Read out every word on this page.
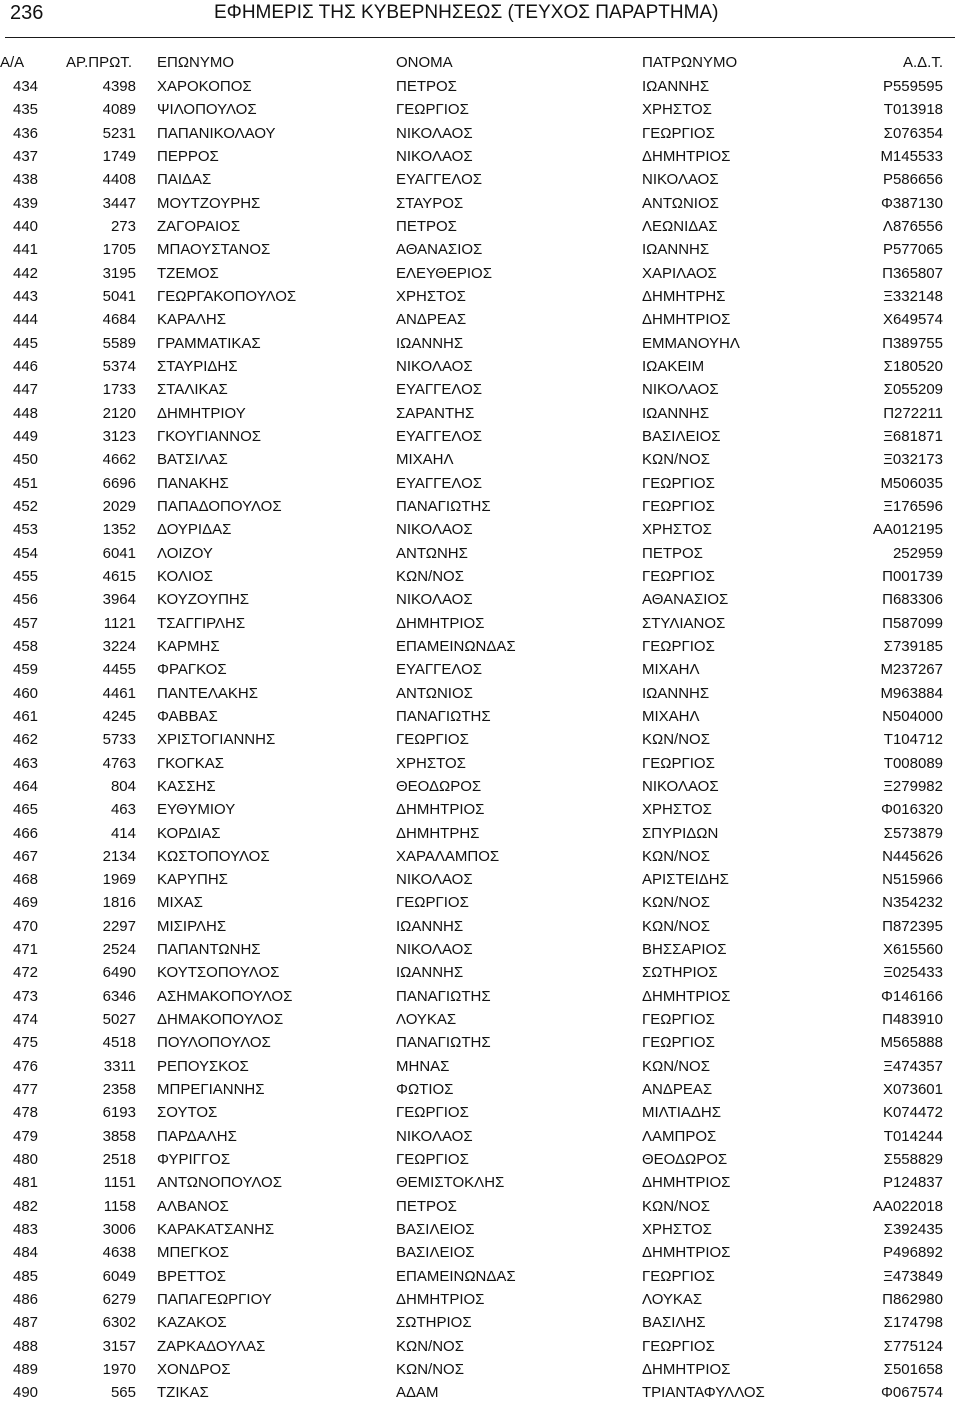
236	ΕΦΗΜΕΡΙΣ ΤΗΣ ΚΥΒΕΡΝΗΣΕΩΣ (ΤΕΥΧΟΣ ΠΑΡΑΡΤΗΜΑ)
Α/Α	ΑΡ.ΠΡΩΤ. ΕΠΩΝΥΜΟ	ΟΝΟΜΑ	ΠΑΤΡΩΝΥΜΟ	Α.Δ.Τ.
434	4398 ΧΑΡΟΚΟΠΟΣ	ΠΕΤΡΟΣ	ΙΩΑΝΝΗΣ	Ρ559595
435	4089 ΨΙΛΟΠΟΥΛΟΣ	ΓΕΩΡΓΙΟΣ	ΧΡΗΣΤΟΣ	Τ013918
436	5231 ΠΑΠΑΝΙΚΟΛΑΟΥ	ΝΙΚΟΛΑΟΣ	ΓΕΩΡΓΙΟΣ	Σ076354
437	1749 ΠΕΡΡΟΣ	ΝΙΚΟΛΑΟΣ	ΔΗΜΗΤΡΙΟΣ	Μ145533
438	4408 ΠΑΙΔΑΣ	ΕΥΑΓΓΕΛΟΣ	ΝΙΚΟΛΑΟΣ	Ρ586656
439	3447 ΜΟΥΤΖΟΥΡΗΣ	ΣΤΑΥΡΟΣ	ΑΝΤΩΝΙΟΣ	Φ387130
440	273 ΖΑΓΟΡΑΙΟΣ	ΠΕΤΡΟΣ	ΛΕΩΝΙΔΑΣ	Λ876556
441	1705 ΜΠΑΟΥΣΤΑΝΟΣ	ΑΘΑΝΑΣΙΟΣ	ΙΩΑΝΝΗΣ	Ρ577065
442	3195 ΤΖΕΜΟΣ	ΕΛΕΥΘΕΡΙΟΣ	ΧΑΡΙΛΑΟΣ	Π365807
443	5041 ΓΕΩΡΓΑΚΟΠΟΥΛΟΣ	ΧΡΗΣΤΟΣ	ΔΗΜΗΤΡΗΣ	Ξ332148
444	4684 ΚΑΡΑΛΗΣ	ΑΝΔΡΕΑΣ	ΔΗΜΗΤΡΙΟΣ	Χ649574
445	5589 ΓΡΑΜΜΑΤΙΚΑΣ	ΙΩΑΝΝΗΣ	ΕΜΜΑΝΟΥΗΛ	Π389755
446	5374 ΣΤΑΥΡΙΔΗΣ	ΝΙΚΟΛΑΟΣ	ΙΩΑΚΕΙΜ	Σ180520
447	1733 ΣΤΑΛΙΚΑΣ	ΕΥΑΓΓΕΛΟΣ	ΝΙΚΟΛΑΟΣ	Σ055209
448	2120 ΔΗΜΗΤΡΙΟΥ	ΣΑΡΑΝΤΗΣ	ΙΩΑΝΝΗΣ	Π272211
449	3123 ΓΚΟΥΓΙΑΝΝΟΣ	ΕΥΑΓΓΕΛΟΣ	ΒΑΣΙΛΕΙΟΣ	Ξ681871
450	4662 ΒΑΤΣΙΛΑΣ	ΜΙΧΑΗΛ	ΚΩΝ/ΝΟΣ	Ξ032173
451	6696 ΠΑΝΑΚΗΣ	ΕΥΑΓΓΕΛΟΣ	ΓΕΩΡΓΙΟΣ	Μ506035
452	2029 ΠΑΠΑΔΟΠΟΥΛΟΣ	ΠΑΝΑΓΙΩΤΗΣ	ΓΕΩΡΓΙΟΣ	Ξ176596
453	1352 ΔΟΥΡΙΔΑΣ	ΝΙΚΟΛΑΟΣ	ΧΡΗΣΤΟΣ	ΑΑ012195
454	6041 ΛΟΙΖΟΥ	ΑΝΤΩΝΗΣ	ΠΕΤΡΟΣ	252959
455	4615 ΚΟΛΙΟΣ	ΚΩΝ/ΝΟΣ	ΓΕΩΡΓΙΟΣ	Π001739
456	3964 ΚΟΥΖΟΥΠΗΣ	ΝΙΚΟΛΑΟΣ	ΑΘΑΝΑΣΙΟΣ	Π683306
457	1121 ΤΣΑΓΓΙΡΛΗΣ	ΔΗΜΗΤΡΙΟΣ	ΣΤΥΛΙΑΝΟΣ	Π587099
458	3224 ΚΑΡΜΗΣ	ΕΠΑΜΕΙΝΩΝΔΑΣ	ΓΕΩΡΓΙΟΣ	Σ739185
459	4455 ΦΡΑΓΚΟΣ	ΕΥΑΓΓΕΛΟΣ	ΜΙΧΑΗΛ	Μ237267
460	4461 ΠΑΝΤΕΛΑΚΗΣ	ΑΝΤΩΝΙΟΣ	ΙΩΑΝΝΗΣ	Μ963884
461	4245 ΦΑΒΒΑΣ	ΠΑΝΑΓΙΩΤΗΣ	ΜΙΧΑΗΛ	Ν504000
462	5733 ΧΡΙΣΤΟΓΙΑΝΝΗΣ	ΓΕΩΡΓΙΟΣ	ΚΩΝ/ΝΟΣ	Τ104712
463	4763 ΓΚΟΓΚΑΣ	ΧΡΗΣΤΟΣ	ΓΕΩΡΓΙΟΣ	Τ008089
464	804 ΚΑΣΣΗΣ	ΘΕΟΔΩΡΟΣ	ΝΙΚΟΛΑΟΣ	Ξ279982
465	463 ΕΥΘΥΜΙΟΥ	ΔΗΜΗΤΡΙΟΣ	ΧΡΗΣΤΟΣ	Φ016320
466	414 ΚΟΡΔΙΑΣ	ΔΗΜΗΤΡΗΣ	ΣΠΥΡΙΔΩΝ	Σ573879
467	2134 ΚΩΣΤΟΠΟΥΛΟΣ	ΧΑΡΑΛΑΜΠΟΣ	ΚΩΝ/ΝΟΣ	Ν445626
468	1969 ΚΑΡΥΠΗΣ	ΝΙΚΟΛΑΟΣ	ΑΡΙΣΤΕΙΔΗΣ	Ν515966
469	1816 ΜΙΧΑΣ	ΓΕΩΡΓΙΟΣ	ΚΩΝ/ΝΟΣ	Ν354232
470	2297 ΜΙΣΙΡΛΗΣ	ΙΩΑΝΝΗΣ	ΚΩΝ/ΝΟΣ	Π872395
471	2524 ΠΑΠΑΝΤΩΝΗΣ	ΝΙΚΟΛΑΟΣ	ΒΗΣΣΑΡΙΟΣ	Χ615560
472	6490 ΚΟΥΤΣΟΠΟΥΛΟΣ	ΙΩΑΝΝΗΣ	ΣΩΤΗΡΙΟΣ	Ξ025433
473	6346 ΑΣΗΜΑΚΟΠΟΥΛΟΣ	ΠΑΝΑΓΙΩΤΗΣ	ΔΗΜΗΤΡΙΟΣ	Φ146166
474	5027 ΔΗΜΑΚΟΠΟΥΛΟΣ	ΛΟΥΚΑΣ	ΓΕΩΡΓΙΟΣ	Π483910
475	4518 ΠΟΥΛΟΠΟΥΛΟΣ	ΠΑΝΑΓΙΩΤΗΣ	ΓΕΩΡΓΙΟΣ	Μ565888
476	3311 ΡΕΠΟΥΣΚΟΣ	ΜΗΝΑΣ	ΚΩΝ/ΝΟΣ	Ξ474357
477	2358 ΜΠΡΕΓΙΑΝΝΗΣ	ΦΩΤΙΟΣ	ΑΝΔΡΕΑΣ	Χ073601
478	6193 ΣΟΥΤΟΣ	ΓΕΩΡΓΙΟΣ	ΜΙΛΤΙΑΔΗΣ	Κ074472
479	3858 ΠΑΡΔΑΛΗΣ	ΝΙΚΟΛΑΟΣ	ΛΑΜΠΡΟΣ	Τ014244
480	2518 ΦΥΡΙΓΓΟΣ	ΓΕΩΡΓΙΟΣ	ΘΕΟΔΩΡΟΣ	Σ558829
481	1151 ΑΝΤΩΝΟΠΟΥΛΟΣ	ΘΕΜΙΣΤΟΚΛΗΣ	ΔΗΜΗΤΡΙΟΣ	Ρ124837
482	1158 ΑΛΒΑΝΟΣ	ΠΕΤΡΟΣ	ΚΩΝ/ΝΟΣ	ΑΑ022018
483	3006 ΚΑΡΑΚΑΤΣΑΝΗΣ	ΒΑΣΙΛΕΙΟΣ	ΧΡΗΣΤΟΣ	Σ392435
484	4638 ΜΠΕΓΚΟΣ	ΒΑΣΙΛΕΙΟΣ	ΔΗΜΗΤΡΙΟΣ	Ρ496892
485	6049 ΒΡΕΤΤΟΣ	ΕΠΑΜΕΙΝΩΝΔΑΣ	ΓΕΩΡΓΙΟΣ	Ξ473849
486	6279 ΠΑΠΑΓΕΩΡΓΙΟΥ	ΔΗΜΗΤΡΙΟΣ	ΛΟΥΚΑΣ	Π862980
487	6302 ΚΑΖΑΚΟΣ	ΣΩΤΗΡΙΟΣ	ΒΑΣΙΛΗΣ	Σ174798
488	3157 ΖΑΡΚΑΔΟΥΛΑΣ	ΚΩΝ/ΝΟΣ	ΓΕΩΡΓΙΟΣ	Σ775124
489	1970 ΧΟΝΔΡΟΣ	ΚΩΝ/ΝΟΣ	ΔΗΜΗΤΡΙΟΣ	Σ501658
490	565 ΤΖΙΚΑΣ	ΑΔΑΜ	ΤΡΙΑΝΤΑΦΥΛΛΟΣ	Φ067574
